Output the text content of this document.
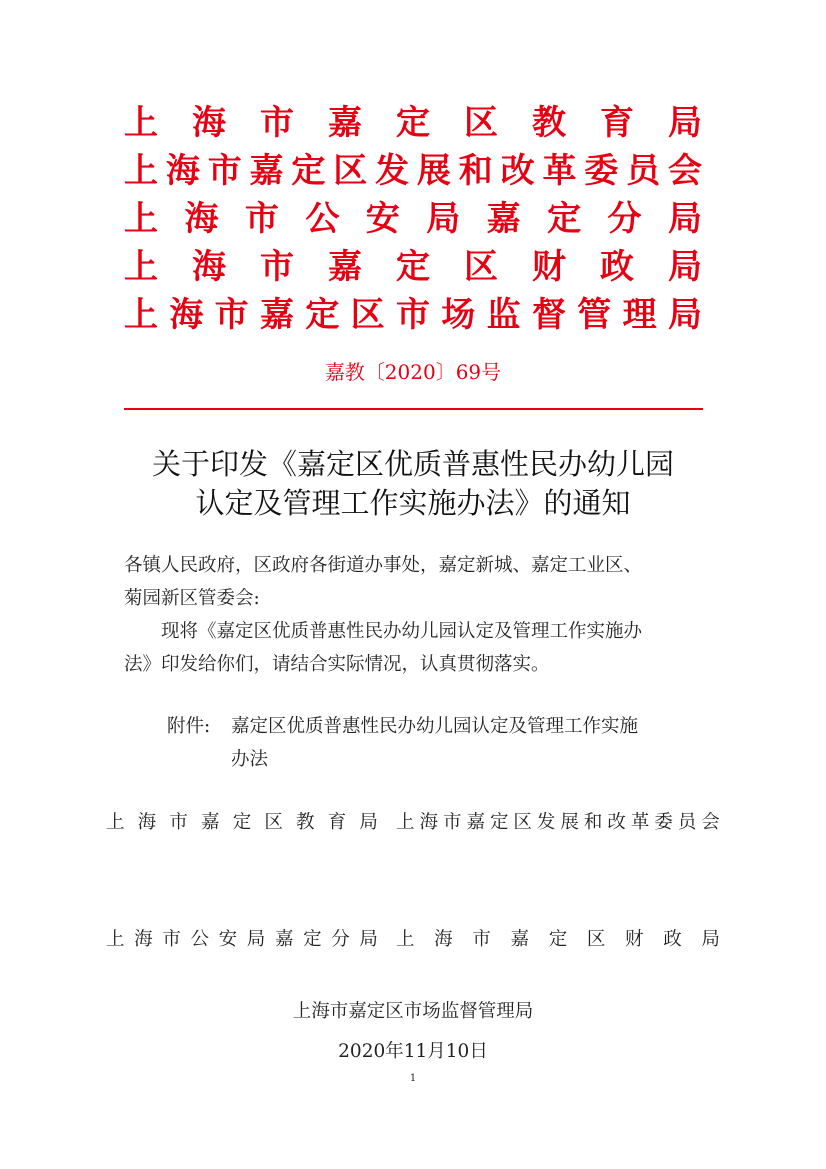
上 海 市 嘉 定 区 教 育 局
上 海 市 嘉 定 区 发 展 和 改 革 委 员 会
上 海 市 公 安 局 嘉 定 分 局
上 海 市 嘉 定 区 财 政 局
上 海 市 嘉 定 区 市 场 监 督 管 理 局
嘉教〔2020〕69号
关于印发《嘉定区优质普惠性民办幼儿园
认定及管理工作实施办法》的通知
各镇人民政府，区政府各街道办事处，嘉定新城、嘉定工业区、
菊园新区管委会:
现将《嘉定区优质普惠性民办幼儿园认定及管理工作实施办
法》印发给你们，请结合实际情况，认真贯彻落实。
附件: 嘉定区优质普惠性民办幼儿园认定及管理工作实施
办法
上 海 市 嘉 定 区 教 育 局 上 海 市 嘉 定 区 发 展 和 改 革 委 员 会
上 海 市 公 安 局 嘉 定 分 局 上 海 市 嘉 定 区 财 政 局
上海市嘉定区市场监督管理局
2020年11月10日
1
